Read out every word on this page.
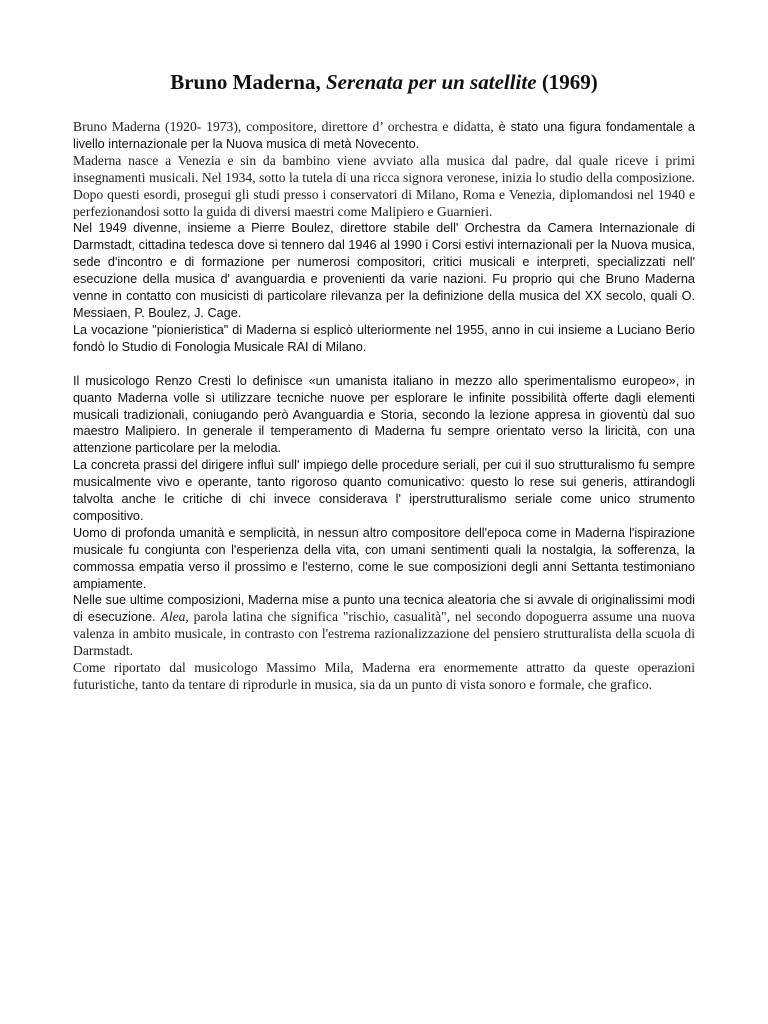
Bruno Maderna, Serenata per un satellite (1969)

Bruno Maderna (1920- 1973), compositore, direttore d’ orchestra e didatta, è stato una figura fondamentale a livello internazionale per la Nuova musica di metà Novecento.

Maderna nasce a Venezia e sin da bambino viene avviato alla musica dal padre, dal quale riceve i primi insegnamenti musicali. Nel 1934, sotto la tutela di una ricca signora veronese, inizia lo studio della composizione. Dopo questi esordi, prosegui gli studi presso i conservatori di Milano, Roma e Venezia, diplomandosi nel 1940 e perfezionandosi sotto la guida di diversi maestri come Malipiero e Guarnieri.

Nel 1949 divenne, insieme a Pierre Boulez, direttore stabile dell' Orchestra da Camera Internazionale di Darmstadt, cittadina tedesca dove si tennero dal 1946 al 1990 i Corsi estivi internazionali per la Nuova musica, sede d'incontro e di formazione per numerosi compositori, critici musicali e interpreti, specializzati nell' esecuzione della musica d' avanguardia e provenienti da varie nazioni. Fu proprio qui che Bruno Maderna venne in contatto con musicisti di particolare rilevanza per la definizione della musica del XX secolo, quali O. Messiaen, P. Boulez, J. Cage.

La vocazione "pionieristica" di Maderna si esplicò ulteriormente nel 1955, anno in cui insieme a Luciano Berio fondò lo Studio di Fonologia Musicale RAI di Milano.

Il musicologo Renzo Cresti lo definisce «un umanista italiano in mezzo allo sperimentalismo europeo», in quanto Maderna volle sì utilizzare tecniche nuove per esplorare le infinite possibilità offerte dagli elementi musicali tradizionali, coniugando però Avanguardia e Storia, secondo la lezione appresa in gioventù dal suo maestro Malipiero. In generale il temperamento di Maderna fu sempre orientato verso la liricità, con una attenzione particolare per la melodia.

La concreta prassi del dirigere influì sull' impiego delle procedure seriali, per cui il suo strutturalismo fu sempre musicalmente vivo e operante, tanto rigoroso quanto comunicativo: questo lo rese sui generis, attirandogli talvolta anche le critiche di chi invece considerava l' iperstrutturalismo seriale come unico strumento compositivo.

Uomo di profonda umanità e semplicità, in nessun altro compositore dell'epoca come in Maderna l'ispirazione musicale fu congiunta con l'esperienza della vita, con umani sentimenti quali la nostalgia, la sofferenza, la commossa empatia verso il prossimo e l'esterno, come le sue composizioni degli anni Settanta testimoniano ampiamente.

Nelle sue ultime composizioni, Maderna mise a punto una tecnica aleatoria che si avvale di originalissimi modi di esecuzione. Alea, parola latina che significa "rischio, casualità", nel secondo dopoguerra assume una nuova valenza in ambito musicale, in contrasto con l'estrema razionalizzazione del pensiero strutturalista della scuola di Darmstadt.

Come riportato dal musicologo Massimo Mila, Maderna era enormemente attratto da queste operazioni futuristiche, tanto da tentare di riprodurle in musica, sia da un punto di vista sonoro e formale, che grafico.
